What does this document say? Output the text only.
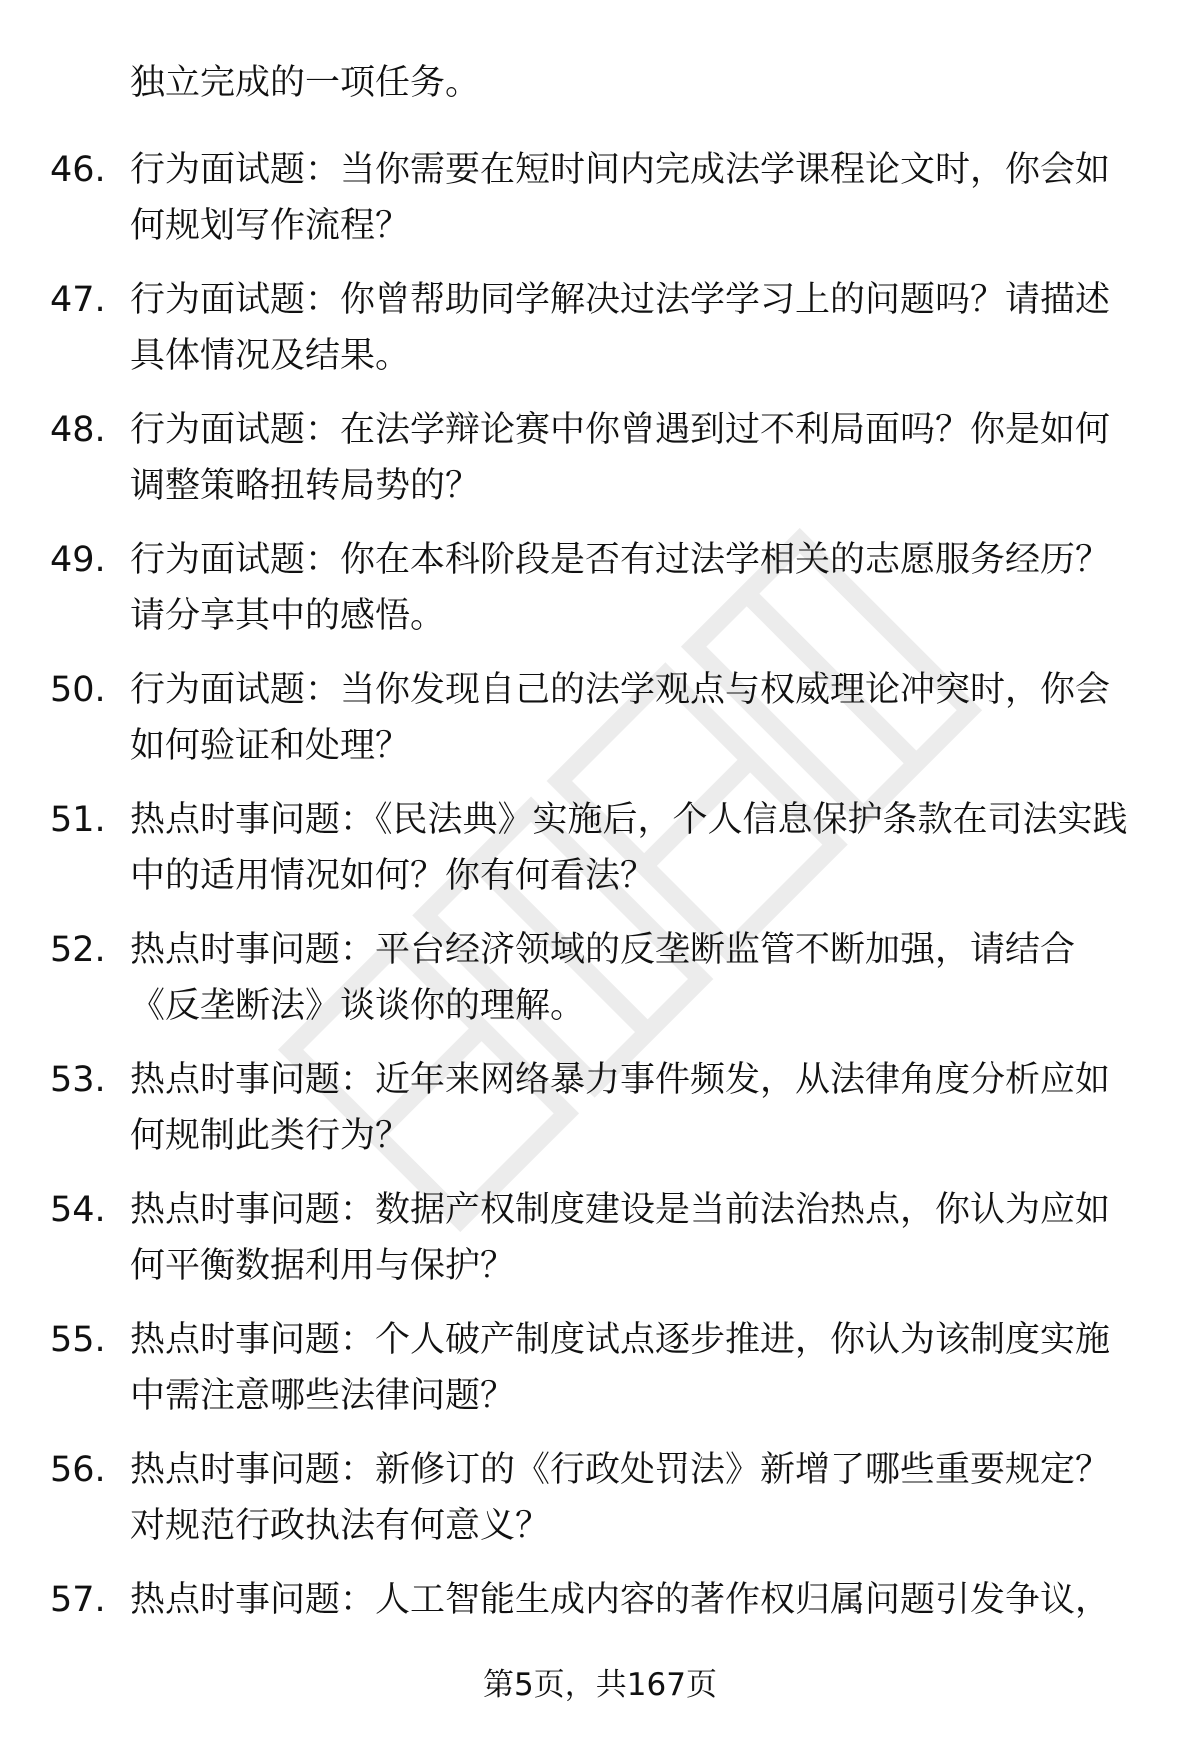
独立完成的一项任务。

46. 行为面试题：当你需要在短时间内完成法学课程论文时，你会如何规划写作流程？

47. 行为面试题：你曾帮助同学解决过法学学习上的问题吗？请描述具体情况及结果。

48. 行为面试题：在法学辩论赛中你曾遇到过不利局面吗？你是如何调整策略扭转局势的？

49. 行为面试题：你在本科阶段是否有过法学相关的志愿服务经历？请分享其中的感悟。

50. 行为面试题：当你发现自己的法学观点与权威理论冲突时，你会如何验证和处理？

51. 热点时事问题：《民法典》实施后，个人信息保护条款在司法实践中的适用情况如何？你有何看法？

52. 热点时事问题：平台经济领域的反垄断监管不断加强，请结合《反垄断法》谈谈你的理解。

53. 热点时事问题：近年来网络暴力事件频发，从法律角度分析应如何规制此类行为？

54. 热点时事问题：数据产权制度建设是当前法治热点，你认为应如何平衡数据利用与保护？

55. 热点时事问题：个人破产制度试点逐步推进，你认为该制度实施中需注意哪些法律问题？

56. 热点时事问题：新修订的《行政处罚法》新增了哪些重要规定？对规范行政执法有何意义？

57. 热点时事问题：人工智能生成内容的著作权归属问题引发争议，

第5页，共167页
